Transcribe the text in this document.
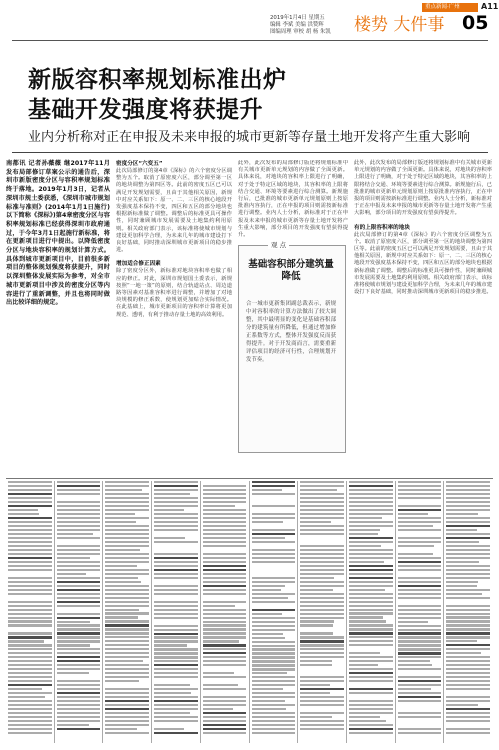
重点新闻·广州	A11
2019年1月4日 星期五
编辑 李斌 美编 洪赞辉
图编周理 审校 胡 杨 朱凯 楼势 大件事 05
新版容积率规划标准出炉
基础开发强度将获提升
业内分析称对正在申报及未来申报的城市更新等存量土地开发将产生重大影响
南都讯 记者孙薇薇 继2017年11月发布局部修订草案公示的通告后，深圳市新版密度分区与容积率规划标准终于落地。2019年1月3日，记者从深圳市规土委获悉，《深圳市城市规划标准与准则》(2014年1月1日施行)以下简称《深标》)第4章密度分区与容积率规划标准已经获得深圳市政府通过，于今年3月1日起施行新标准，将在更新项目进行中提出。以降低密度分区与地块容积率的规划计算方式。具体到城市更新项目中，目前很多新项目的整体规划强度将获提升，同时以深圳整体发展实际为参考，对全市城市更新项目中涉及的密度分区等内容进行了重新调整，并且也将同时做出比较详细的规定。
密度分区“六变五”
此次局部修订的第4章《深标》的六个密度分区调整为五个。取消了原密度六区，部分调至第一区的地块调整为第四区等。此前的密度五区已可以满足开发规划需要，且由于其他相关原因，新规中对应关系如下：原一、二、三区的核心地段开发强度基本保持不变，四区和五区的部分地块也根据新标准做了调整。调整后的标准更具可操作性，同时兼顾城市发展需要及土地集约利用原则。相关政府部门表示，该标准将使城市规划与建设更加科学合理，为未来几年的城市建设打下良好基础，同时推动深圳城市更新项目的稳步推进。
增加适合修正因素
除了密度分区外，新标准对地块容积率也做了相应的修正。对此，深圳市规划国土委表示，新规按照“一地一策”的原则，结合轨道站点、周边道路等因素对基准容积率进行调整，并增加了对地块规模的修正系数，使规划更加贴合实际情况。在此基础上，城市更新项目的容积率计算将更加规范、透明，有利于推动存量土地的高效利用。
此外，此次发布的局部修订版还将规划标准中有关城市更新单元规划的内容做了全面更新。具体来说，对地块的容积率上限进行了明确，对于处于特定区域的地块，其容积率的上限将结合交通、环境等要素进行综合测算。新规施行后，已批准的城市更新单元规划原则上按原批准内容执行，正在申报的项目则需按新标准进行调整。业内人士分析，新标准对于正在申报及未来申报的城市更新等存量土地开发将产生重大影响，部分项目的开发强度有望获得提升。
观 点
基础容积部分建筑量降低
合一城市更新集团副总裁表示，新规中对容积率的计算方法做出了较大调整，其中最明显的变化是基础容积部分的建筑量有所降低，但通过增加修正系数等方式，整体开发强度反而获得提升。对于开发商而言，需要重新评估项目的经济可行性，合理规划开发节奏。
此外，此次发布的局部修订版还将规划标准中有关城市更新单元规划的内容做了全面更新。具体来说，对地块的容积率上限进行了明确，对于处于特定区域的地块，其容积率的上限将结合交通、环境等要素进行综合测算。新规施行后，已批准的城市更新单元规划原则上按原批准内容执行，正在申报的项目则需按新标准进行调整。业内人士分析，新标准对于正在申报及未来申报的城市更新等存量土地开发将产生重大影响，部分项目的开发强度有望获得提升。
有的上限容积率的地块
此次局部修订的第4章《深标》的六个密度分区调整为五个。取消了原密度六区，部分调至第一区的地块调整为第四区等。此前的密度五区已可以满足开发规划需要，且由于其他相关原因，新规中对应关系如下：原一、二、三区的核心地段开发强度基本保持不变，四区和五区的部分地块也根据新标准做了调整。调整后的标准更具可操作性，同时兼顾城市发展需要及土地集约利用原则。相关政府部门表示，该标准将使城市规划与建设更加科学合理，为未来几年的城市建设打下良好基础，同时推动深圳城市更新项目的稳步推进。
